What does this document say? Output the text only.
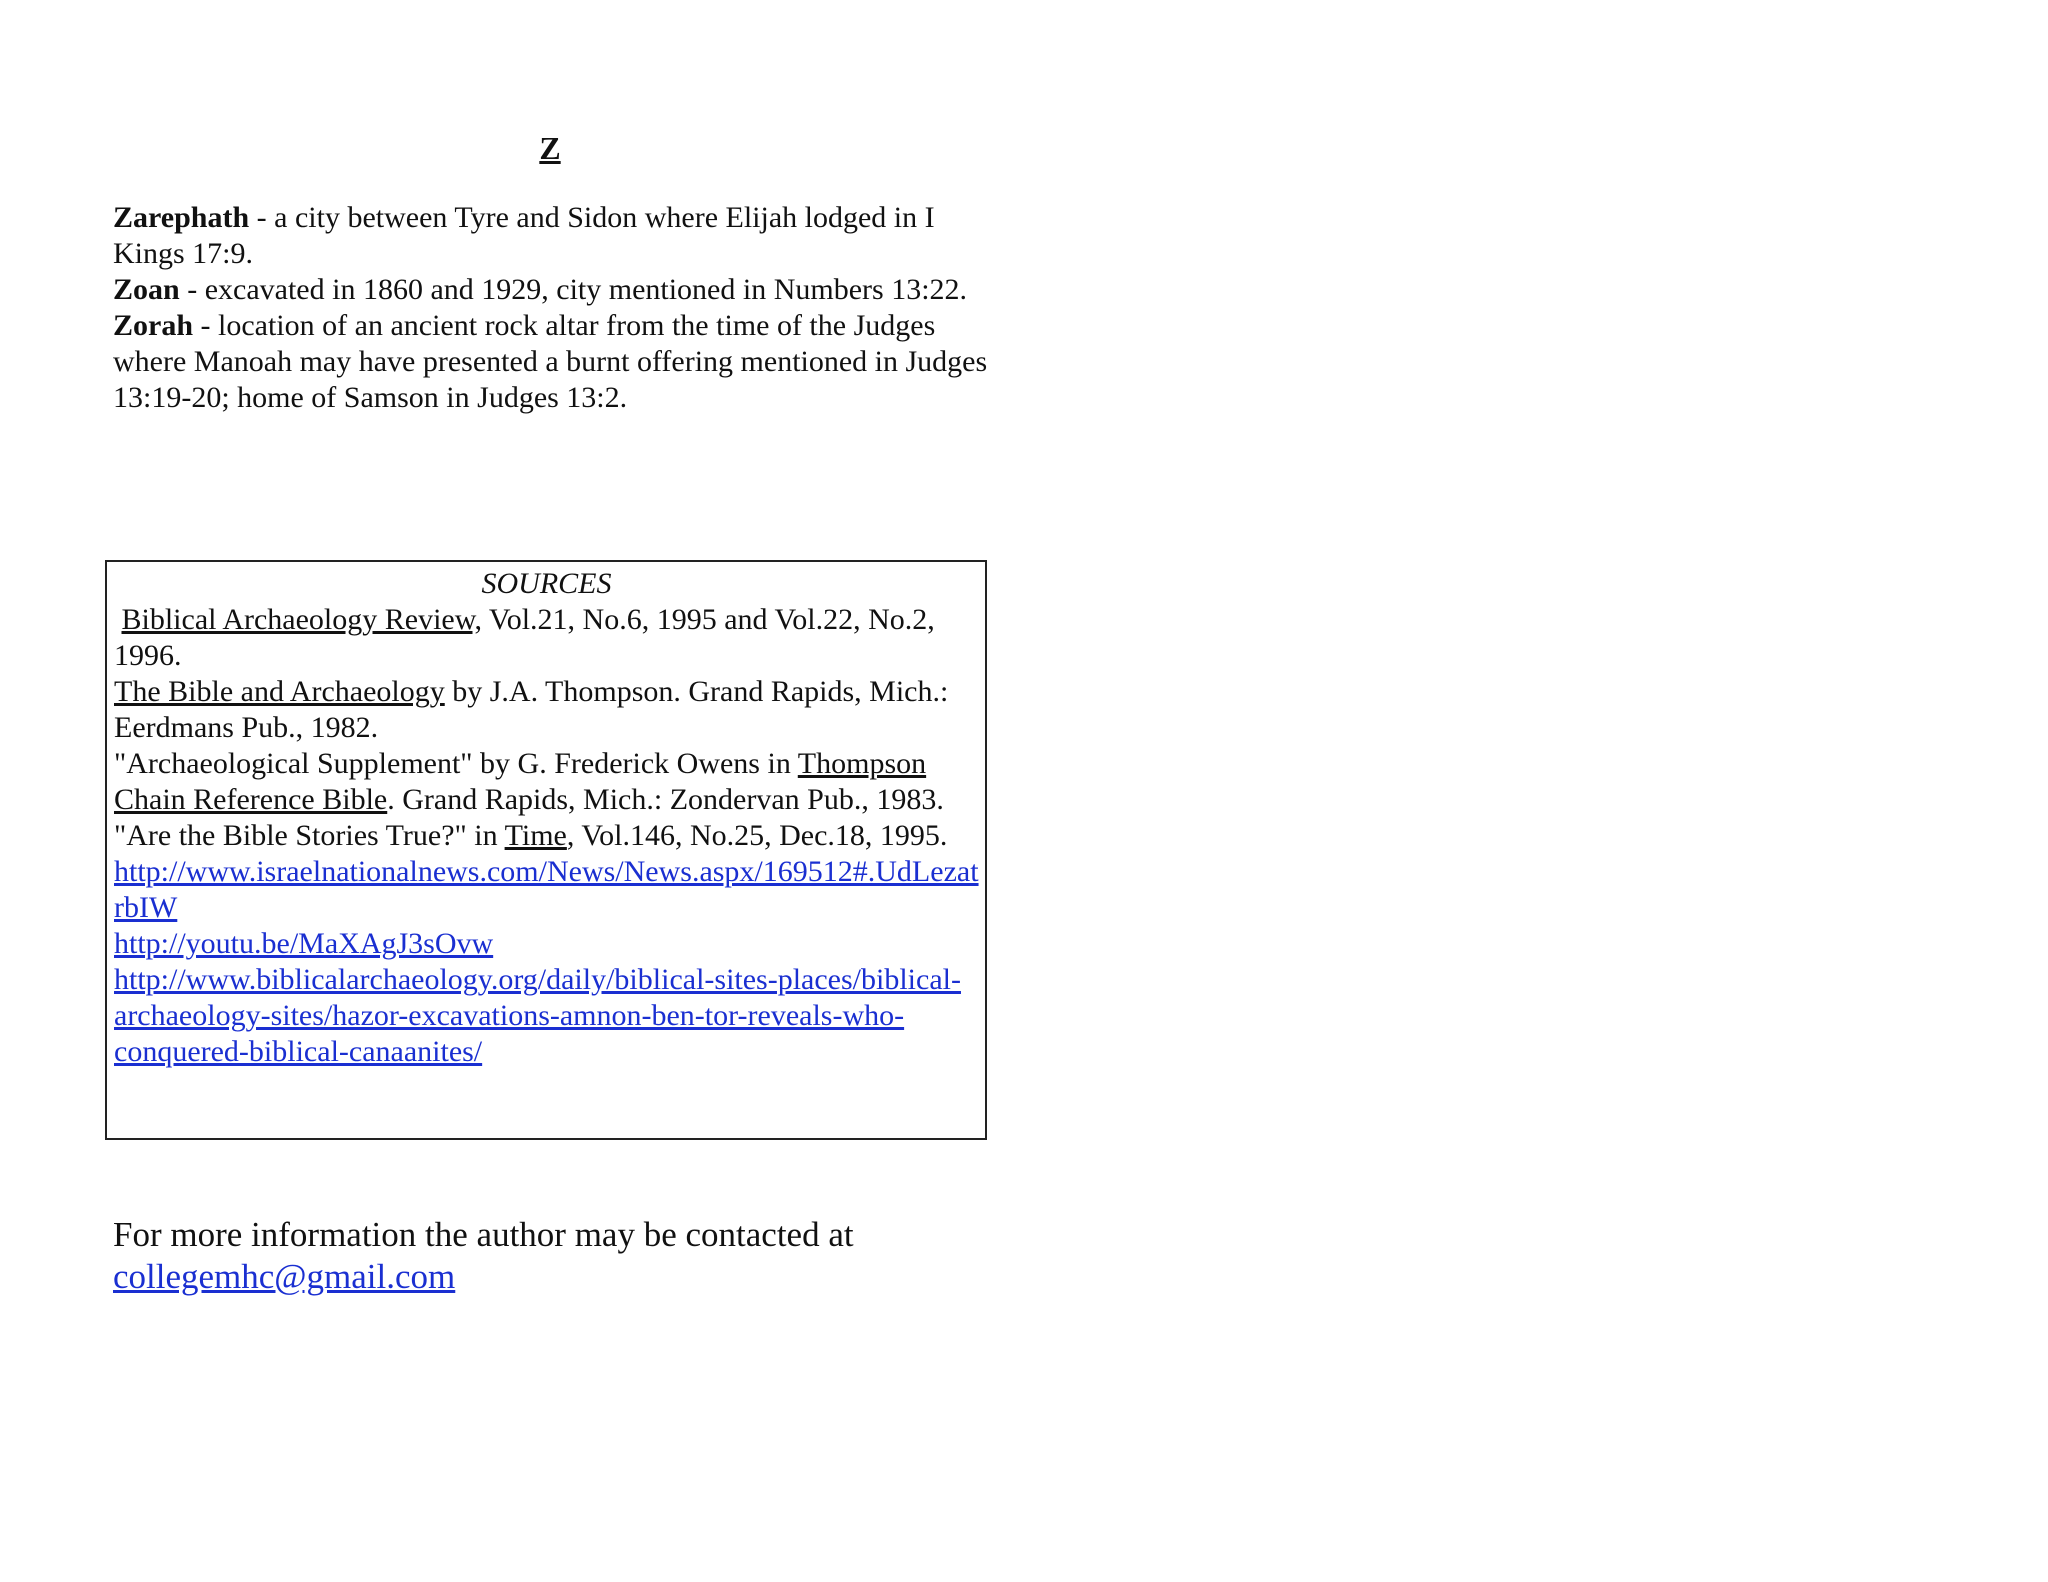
Z

Zarephath - a city between Tyre and Sidon where Elijah lodged in I Kings 17:9.

Zoan - excavated in 1860 and 1929, city mentioned in Numbers 13:22.

Zorah - location of an ancient rock altar from the time of the Judges where Manoah may have presented a burnt offering mentioned in Judges 13:19-20; home of Samson in Judges 13:2.

SOURCES

Biblical Archaeology Review, Vol.21, No.6, 1995 and Vol.22, No.2, 1996.

The Bible and Archaeology by J.A. Thompson. Grand Rapids, Mich.: Eerdmans Pub., 1982.

"Archaeological Supplement" by G. Frederick Owens in Thompson Chain Reference Bible. Grand Rapids, Mich.: Zondervan Pub., 1983.

"Are the Bible Stories True?" in Time, Vol.146, No.25, Dec.18, 1995.

http://www.israelnationalnews.com/News/News.aspx/169512#.UdLezatrbIW
http://youtu.be/MaXAgJ3sOvw
http://www.biblicalarchaeology.org/daily/biblical-sites-places/biblical-archaeology-sites/hazor-excavations-amnon-ben-tor-reveals-who-conquered-biblical-canaanites/
For more information the author may be contacted at
collegemhc@gmail.com
